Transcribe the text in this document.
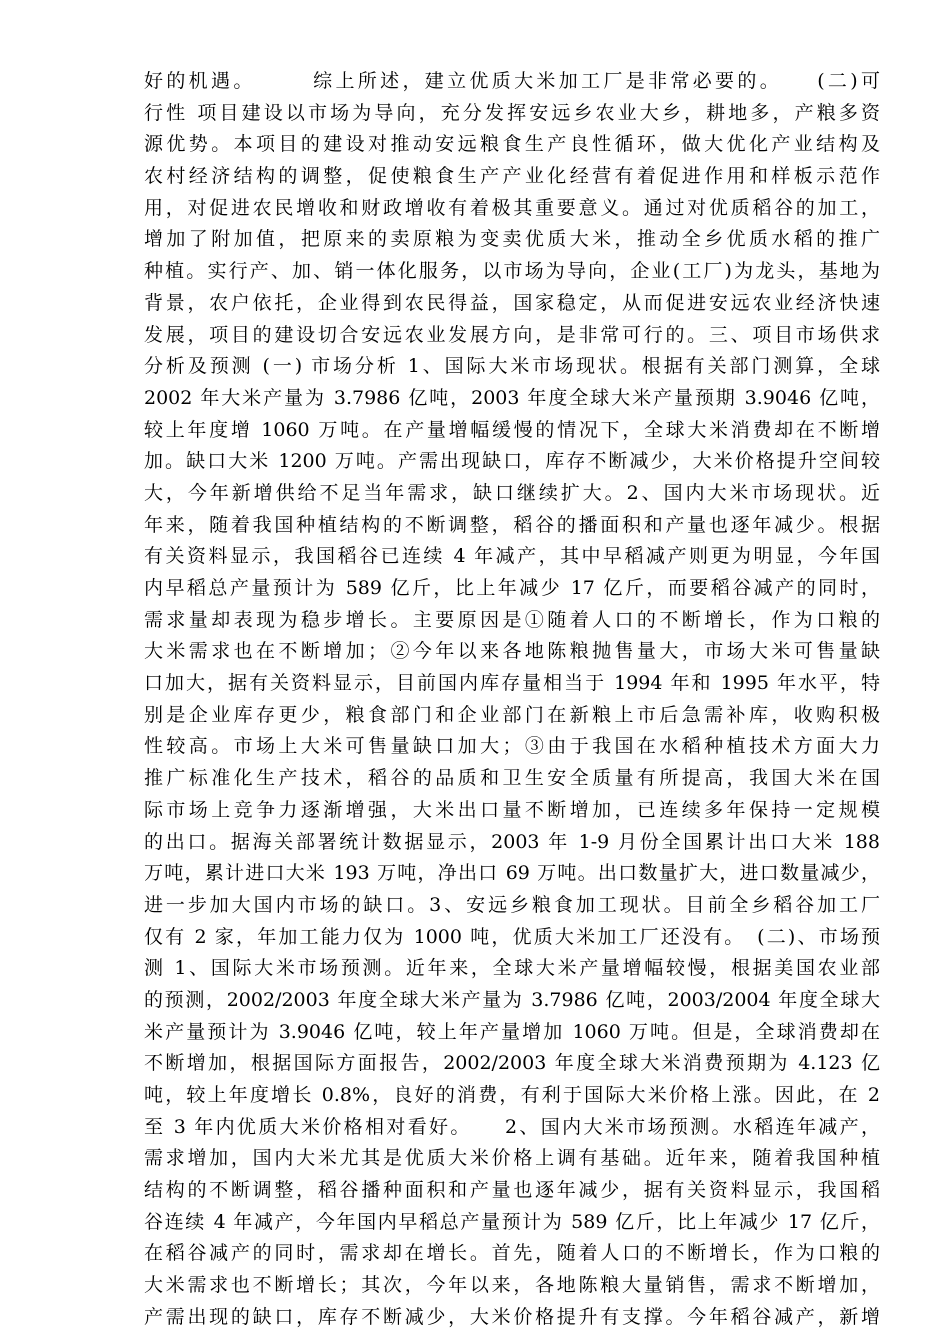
好的机遇。　　　综上所述，建立优质大米加工厂是非常必要的。　　(二)可
行性 项目建设以市场为导向，充分发挥安远乡农业大乡，耕地多，产粮多资
源优势。本项目的建设对推动安远粮食生产良性循环，做大优化产业结构及
农村经济结构的调整，促使粮食生产产业化经营有着促进作用和样板示范作
用，对促进农民增收和财政增收有着极其重要意义。通过对优质稻谷的加工，
增加了附加值，把原来的卖原粮为变卖优质大米，推动全乡优质水稻的推广
种植。实行产、加、销一体化服务，以市场为导向，企业(工厂)为龙头，基地为
背景，农户依托，企业得到农民得益，国家稳定，从而促进安远农业经济快速
发展，项目的建设切合安远农业发展方向，是非常可行的。三、项目市场供求
分析及预测 (一) 市场分析 1、国际大米市场现状。根据有关部门测算，全球
2002 年大米产量为 3.7986 亿吨，2003 年度全球大米产量预期 3.9046 亿吨，
较上年度增 1060 万吨。在产量增幅缓慢的情况下，全球大米消费却在不断增
加。缺口大米 1200 万吨。产需出现缺口，库存不断减少，大米价格提升空间较
大，今年新增供给不足当年需求，缺口继续扩大。2、国内大米市场现状。近
年来，随着我国种植结构的不断调整，稻谷的播面积和产量也逐年减少。根据
有关资料显示，我国稻谷已连续 4 年减产，其中早稻减产则更为明显，今年国
内早稻总产量预计为 589 亿斤，比上年减少 17 亿斤，而要稻谷减产的同时，
需求量却表现为稳步增长。主要原因是①随着人口的不断增长，作为口粮的
大米需求也在不断增加；②今年以来各地陈粮抛售量大，市场大米可售量缺
口加大，据有关资料显示，目前国内库存量相当于 1994 年和 1995 年水平，特
别是企业库存更少，粮食部门和企业部门在新粮上市后急需补库，收购积极
性较高。市场上大米可售量缺口加大；③由于我国在水稻种植技术方面大力
推广标准化生产技术，稻谷的品质和卫生安全质量有所提高，我国大米在国
际市场上竞争力逐渐增强，大米出口量不断增加，已连续多年保持一定规模
的出口。据海关部署统计数据显示，2003 年 1-9 月份全国累计出口大米 188
万吨，累计进口大米 193 万吨，净出口 69 万吨。出口数量扩大，进口数量减少，
进一步加大国内市场的缺口。3、安远乡粮食加工现状。目前全乡稻谷加工厂
仅有 2 家，年加工能力仅为 1000 吨，优质大米加工厂还没有。　(二)、市场预
测 1、国际大米市场预测。近年来，全球大米产量增幅较慢，根据美国农业部
的预测，2002/2003 年度全球大米产量为 3.7986 亿吨，2003/2004 年度全球大
米产量预计为 3.9046 亿吨，较上年产量增加 1060 万吨。但是，全球消费却在
不断增加，根据国际方面报告，2002/2003 年度全球大米消费预期为 4.123 亿
吨，较上年度增长 0.8%，良好的消费，有利于国际大米价格上涨。因此，在 2
至 3 年内优质大米价格相对看好。　　2、国内大米市场预测。水稻连年减产，
需求增加，国内大米尤其是优质大米价格上调有基础。近年来，随着我国种植
结构的不断调整，稻谷播种面积和产量也逐年减少，据有关资料显示，我国稻
谷连续 4 年减产，今年国内早稻总产量预计为 589 亿斤，比上年减少 17 亿斤，
在稻谷减产的同时，需求却在增长。首先，随着人口的不断增长，作为口粮的
大米需求也不断增长；其次，今年以来，各地陈粮大量销售，需求不断增加，
产需出现的缺口，库存不断减少，大米价格提升有支撑。今年稻谷减产，新增
